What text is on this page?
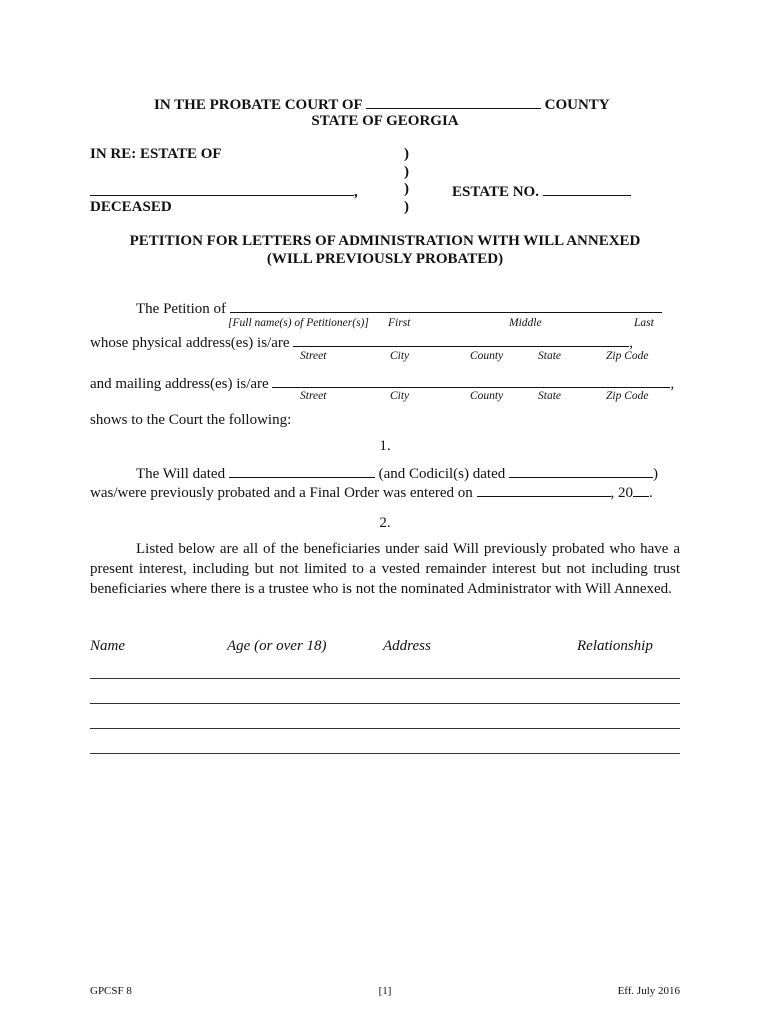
IN THE PROBATE COURT OF	COUNTY
STATE OF GEORGIA
IN RE: ESTATE OF	)
)
,	)	ESTATE NO.
DECEASED	)
PETITION FOR LETTERS OF ADMINISTRATION WITH WILL ANNEXED
(WILL PREVIOUSLY PROBATED)
The Petition of
[Full name(s) of Petitioner(s)] First	Middle	Last
whose physical address(es) is/are	,
Street	City	County	State	Zip Code
and mailing address(es) is/are	,
Street	City	County	State	Zip Code
shows to the Court the following:
1.
The Will dated	(and Codicil(s) dated	)
was/were previously probated and a Final Order was entered on	, 20 .
2.
Listed below are all of the beneficiaries under said Will previously probated who have a present interest, including but not limited to a vested remainder interest but not including trust beneficiaries where there is a trustee who is not the nominated Administrator with Will Annexed.
Name	Age (or over 18)	Address	Relationship
GPCSF 8	[1]	Eff. July 2016
